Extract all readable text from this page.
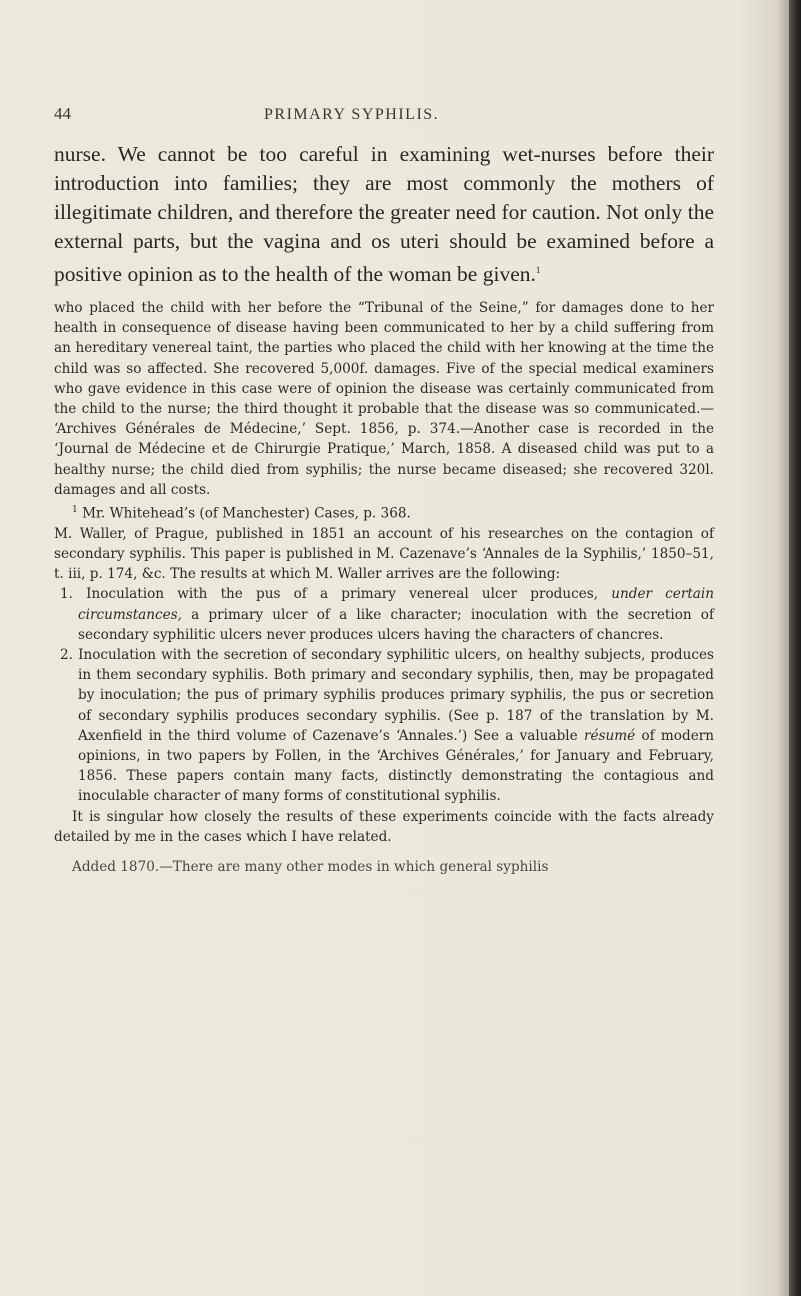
44	PRIMARY SYPHILIS.

nurse. We cannot be too careful in examining wet-nurses before their introduction into families; they are most commonly the mothers of illegitimate children, and therefore the greater need for caution. Not only the external parts, but the vagina and os uteri should be examined before a positive opinion as to the health of the woman be given.$^1$

who placed the child with her before the “Tribunal of the Seine,” for damages done to her health in consequence of disease having been communicated to her by a child suffering from an hereditary venereal taint, the parties who placed the child with her knowing at the time the child was so affected. She recovered 5,000f. damages. Five of the special medical examiners who gave evidence in this case were of opinion the disease was certainly communicated from the child to the nurse; the third thought it probable that the disease was so communicated.— ‘Archives Générales de Médecine,’ Sept. 1856, p. 374.—Another case is recorded in the ‘Journal de Médecine et de Chirurgie Pratique,’ March, 1858. A diseased child was put to a healthy nurse; the child died from syphilis; the nurse became diseased; she recovered 320l. damages and all costs.

$^1$ Mr. Whitehead’s (of Manchester) Cases, p. 368.

M. Waller, of Prague, published in 1851 an account of his researches on the contagion of secondary syphilis. This paper is published in M. Cazenave’s ‘Annales de la Syphilis,’ 1850–51, t. iii, p. 174, &c. The results at which M. Waller arrives are the following:

1. Inoculation with the pus of a primary venereal ulcer produces, under certain circumstances, a primary ulcer of a like character; inoculation with the secretion of secondary syphilitic ulcers never produces ulcers having the characters of chancres.

2. Inoculation with the secretion of secondary syphilitic ulcers, on healthy subjects, produces in them secondary syphilis. Both primary and secondary syphilis, then, may be propagated by inoculation; the pus of primary syphilis produces primary syphilis, the pus or secretion of secondary syphilis produces secondary syphilis. (See p. 187 of the translation by M. Axenfield in the third volume of Cazenave’s ‘Annales.’) See a valuable résumé of modern opinions, in two papers by Follen, in the ‘Archives Générales,’ for January and February, 1856. These papers contain many facts, distinctly demonstrating the contagious and inoculable character of many forms of constitutional syphilis.

It is singular how closely the results of these experiments coincide with the facts already detailed by me in the cases which I have related.

Added 1870.—There are many other modes in which general syphilis
